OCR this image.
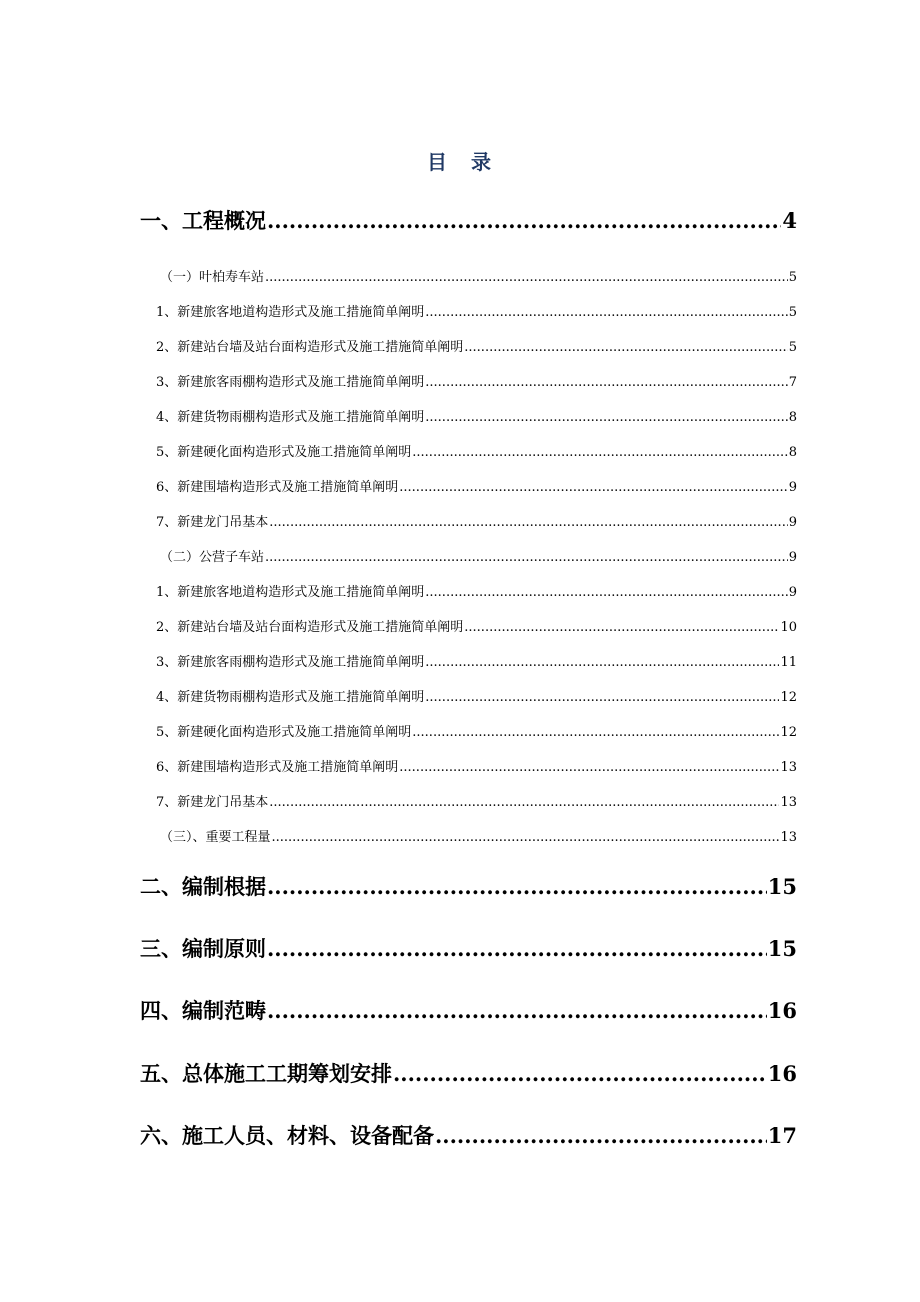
目 录
一、工程概况 .....	4
（一）叶柏寿车站 .....	5
1、新建旅客地道构造形式及施工措施简单阐明 .....	5
2、新建站台墙及站台面构造形式及施工措施简单阐明 .....	5
3、新建旅客雨棚构造形式及施工措施简单阐明 .....	7
4、新建货物雨棚构造形式及施工措施简单阐明 .....	8
5、新建硬化面构造形式及施工措施简单阐明 .....	8
6、新建围墙构造形式及施工措施简单阐明 .....	9
7、新建龙门吊基本 .....	9
（二）公营子车站 .....	9
1、新建旅客地道构造形式及施工措施简单阐明 .....	9
2、新建站台墙及站台面构造形式及施工措施简单阐明 .....	10
3、新建旅客雨棚构造形式及施工措施简单阐明 .....	11
4、新建货物雨棚构造形式及施工措施简单阐明 .....	12
5、新建硬化面构造形式及施工措施简单阐明 .....	12
6、新建围墙构造形式及施工措施简单阐明 .....	13
7、新建龙门吊基本 .....	13
（三）、重要工程量 .....	13
二、编制根据 .....	15
三、编制原则 .....	15
四、编制范畴 .....	16
五、总体施工工期筹划安排 .....	16
六、施工人员、材料、设备配备 .....	17
